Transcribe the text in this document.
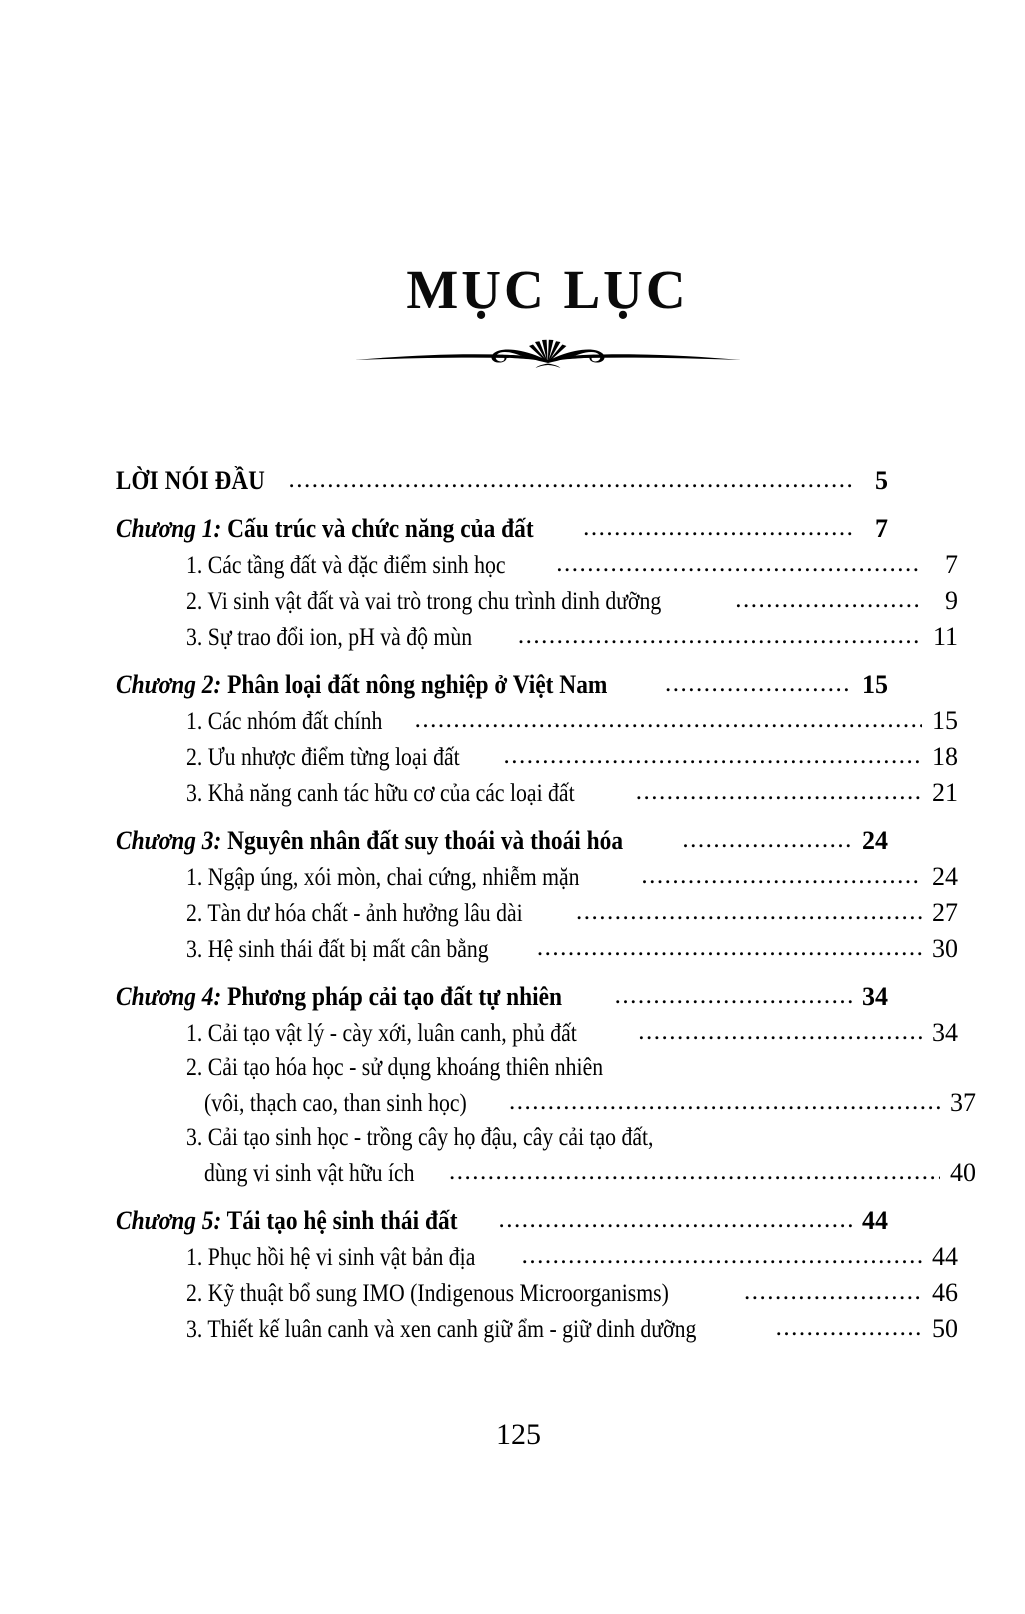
MỤC LỤC
LỜI NÓI ĐẦU .....	5
Chương 1: Cấu trúc và chức năng của đất .....	7
1. Các tầng đất và đặc điểm sinh học .....	7
2. Vi sinh vật đất và vai trò trong chu trình dinh dưỡng .....	9
3. Sự trao đổi ion, pH và độ mùn .....	11
Chương 2: Phân loại đất nông nghiệp ở Việt Nam .....	15
1. Các nhóm đất chính .....	15
2. Ưu nhược điểm từng loại đất .....	18
3. Khả năng canh tác hữu cơ của các loại đất .....	21
Chương 3: Nguyên nhân đất suy thoái và thoái hóa .....	24
1. Ngập úng, xói mòn, chai cứng, nhiễm mặn .....	24
2. Tàn dư hóa chất - ảnh hưởng lâu dài .....	27
3. Hệ sinh thái đất bị mất cân bằng .....	30
Chương 4: Phương pháp cải tạo đất tự nhiên .....	34
1. Cải tạo vật lý - cày xới, luân canh, phủ đất .....	34
2. Cải tạo hóa học - sử dụng khoáng thiên nhiên
(vôi, thạch cao, than sinh học) .....	37
3. Cải tạo sinh học - trồng cây họ đậu, cây cải tạo đất,
dùng vi sinh vật hữu ích .....	40
Chương 5: Tái tạo hệ sinh thái đất .....	44
1. Phục hồi hệ vi sinh vật bản địa .....	44
2. Kỹ thuật bổ sung IMO (Indigenous Microorganisms) .....	46
3. Thiết kế luân canh và xen canh giữ ẩm - giữ dinh dưỡng .....	50
125
